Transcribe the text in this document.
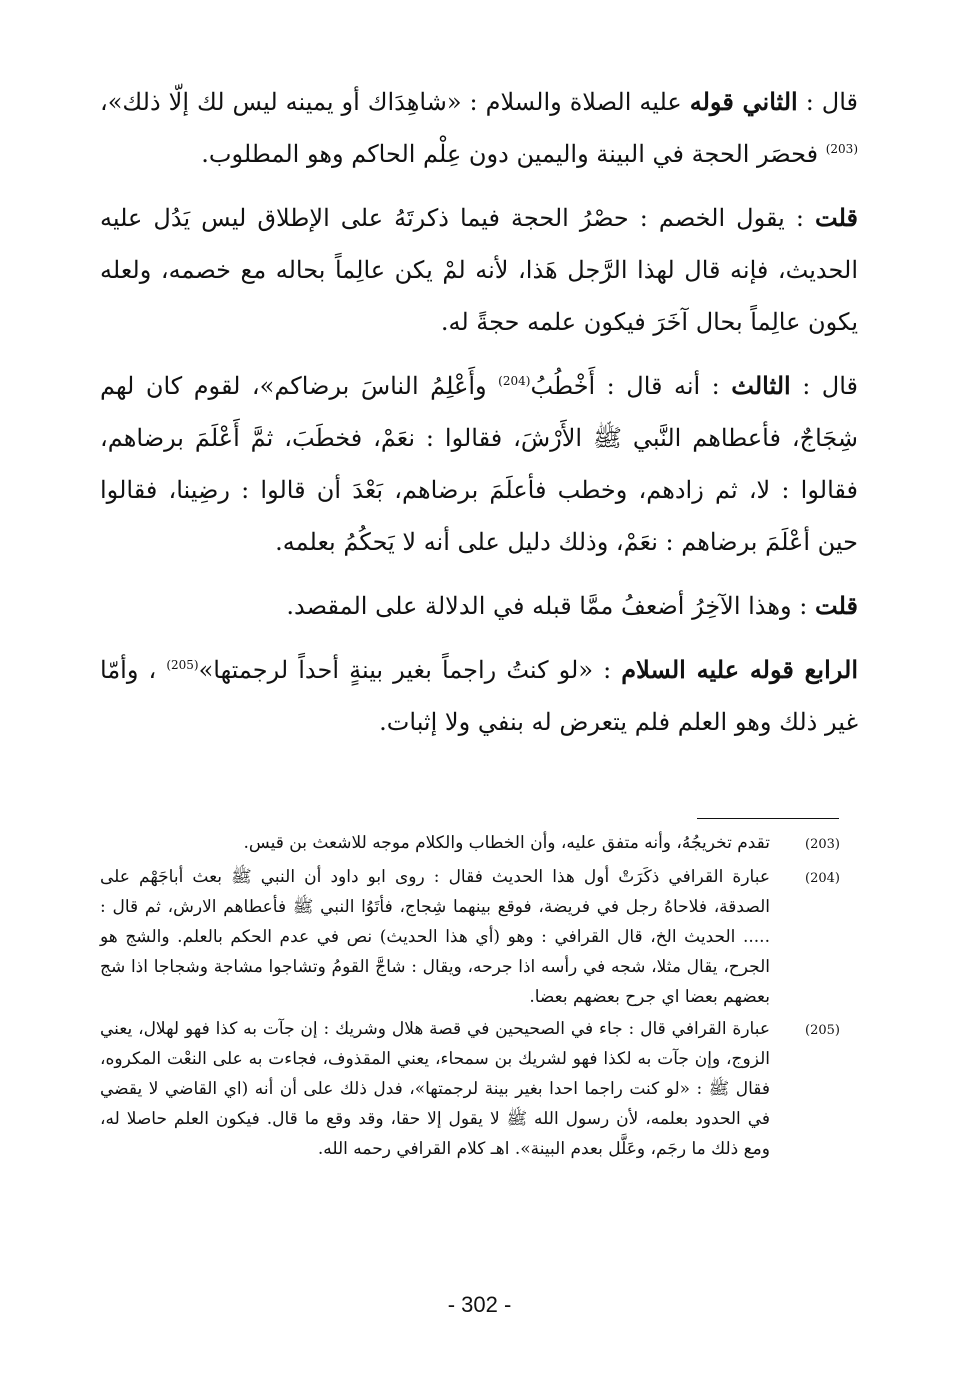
قال : الثاني قوله عليه الصلاة والسلام : «شاهِدَاك أو يمينه ليس لك إلّا ذلك»،$^{(203)}$ فحصَر الحجة في البينة واليمين دون عِلْم الحاكم وهو المطلوب.

قلت : يقول الخصم : حصْرُ الحجة فيما ذكرتَهُ على الإطلاق ليس يَدُل عليه الحديث، فإنه قال لهذا الرَّجل هَذا، لأنه لمْ يكن عالِماً بحاله مع خصمه، ولعله يكون عالِماً بحال آخَرَ فيكون علمه حجةً له.

قال : الثالث : أنه قال : أَخْطُبُ$^{(204)}$ وأَعْلِمُ الناسَ برضاكم»، لقوم كان لهم شِجَاجٌ، فأعطاهم النَّبي ﷺ الأَرْشَ، فقالوا : نعَمْ، فخطَبَ، ثمَّ أَعْلَمَ برضاهم، فقالوا : لا، ثم زادهم، وخطب فأعلَمَ برضاهم، بَعْدَ أن قالوا : رضِينا، فقالوا حين أعْلَمَ برضاهم : نعَمْ، وذلك دليل على أنه لا يَحكُمُ بعلمه.

قلت : وهذا الآخِرُ أضعفُ ممَّا قبله في الدلالة على المقصد.

الرابع قوله عليه السلام : «لو كنتُ راجماً بغير بينةٍ أحداً لرجمتها»$^{(205)}$ ، وأمّا غير ذلك وهو العلم فلم يتعرض له بنفي ولا إثبات.

(203)
تقدم تخريجُهُ، وأنه متفق عليه، وأن الخطاب والكلام موجه للاشعث بن قيس.
(204)
عبارة القرافي ذكَرَتْ أول هذا الحديث فقال : روى ابو داود أن النبي ﷺ بعث أباجَهْم على الصدقة، فلاحاهُ رجل في فريضة، فوقع بينهما شِجاج، فأتَوُا النبي ﷺ فأعطاهم الارش، ثم قال : ..... الحديث الخ، قال القرافي : وهو (أي هذا الحديث) نص في عدم الحكم بالعلم. والشج هو الجرح، يقال مثلا، شجه في رأسه اذا جرحه، ويقال : شاجَّ القومُ وتشاجوا مشاجة وشجاجا اذا شج بعضهم بعضا اي جرح بعضهم بعضا.
(205)
عبارة القرافي قال : جاء في الصحيحين في قصة هلال وشريك : إن جآت به كذا فهو لهلال، يعني الزوج، وإن جآت به لكذا فهو لشريك بن سمحاء، يعني المقذوف، فجاءت به على النعْت المكروه، فقال ﷺ : «لو كنت راجما احدا بغير بينة لرجمتها»، فدل ذلك على أن أنه (اي القاضي لا يقضي في الحدود بعلمه، لأن رسول الله ﷺ لا يقول إلا حقا، وقد وقع ما قال. فيكون العلم حاصلا له، ومع ذلك ما رجَم، وعَلَّل بعدم البينة». اهـ كلام القرافي رحمه الله.
- 302 -
